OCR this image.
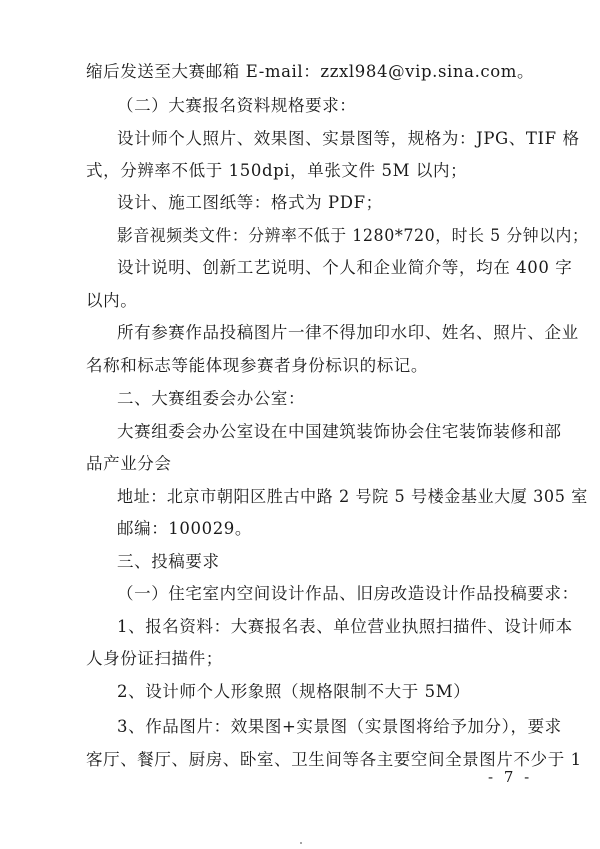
缩后发送至大赛邮箱 E-mail：zzxl984@vip.sina.com。
（二）大赛报名资料规格要求：
设计师个人照片、效果图、实景图等，规格为：JPG、TIF 格
式，分辨率不低于 150dpi，单张文件 5M 以内；
设计、施工图纸等：格式为 PDF；
影音视频类文件：分辨率不低于 1280*720，时长 5 分钟以内；
设计说明、创新工艺说明、个人和企业简介等，均在 400 字
以内。
所有参赛作品投稿图片一律不得加印水印、姓名、照片、企业
名称和标志等能体现参赛者身份标识的标记。
二、大赛组委会办公室：
大赛组委会办公室设在中国建筑装饰协会住宅装饰装修和部
品产业分会
地址：北京市朝阳区胜古中路 2 号院 5 号楼金基业大厦 305 室
邮编：100029。
三、投稿要求
（一）住宅室内空间设计作品、旧房改造设计作品投稿要求：
1、报名资料：大赛报名表、单位营业执照扫描件、设计师本
人身份证扫描件；
2、设计师个人形象照（规格限制不大于 5M）
3、作品图片：效果图+实景图（实景图将给予加分），要求
客厅、餐厅、厨房、卧室、卫生间等各主要空间全景图片不少于 1
- 7 -
